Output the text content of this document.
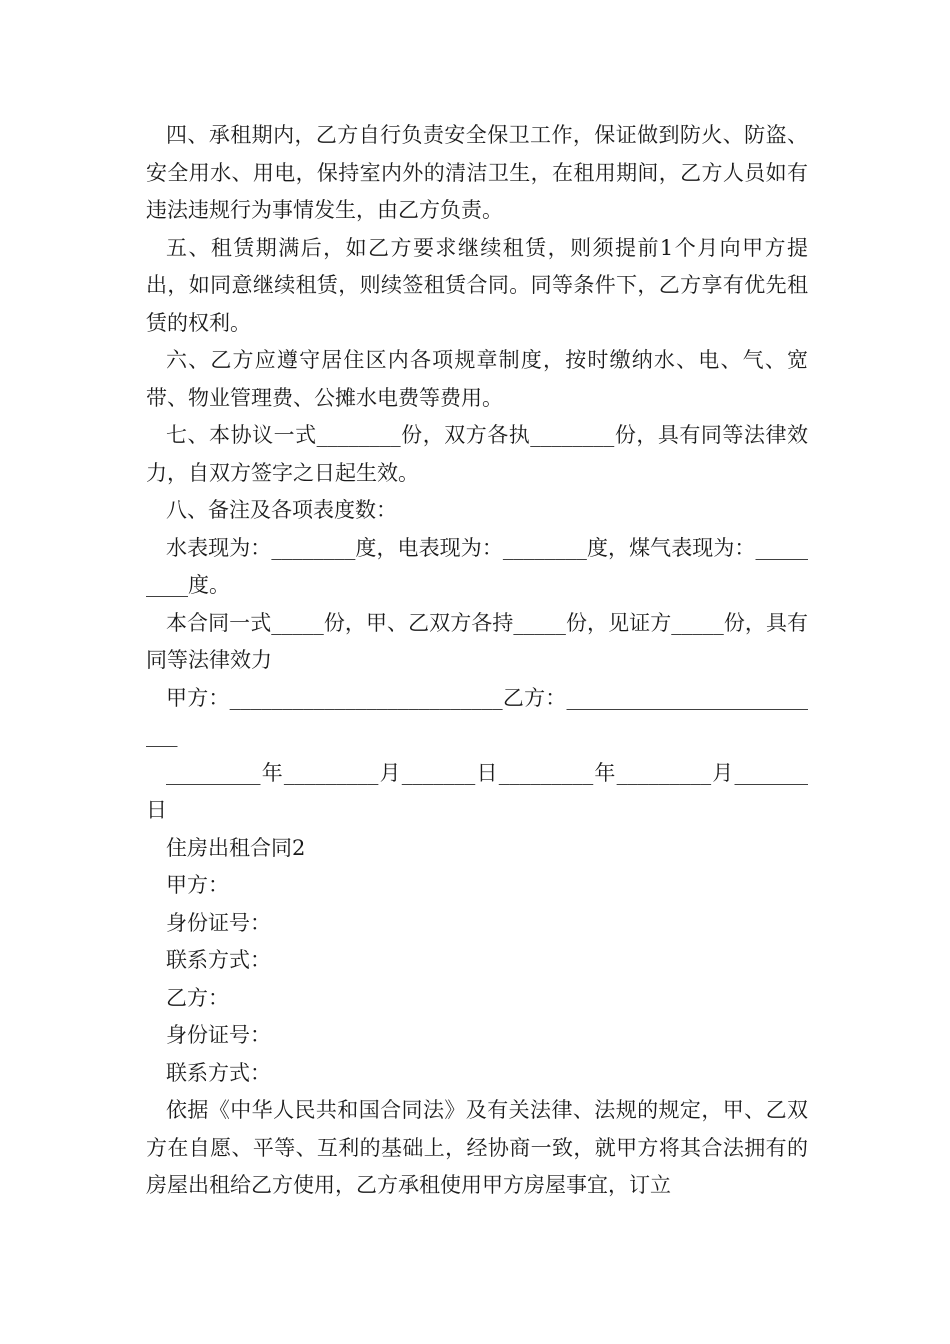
四、承租期内，乙方自行负责安全保卫工作，保证做到防火、防盗、安全用水、用电，保持室内外的清洁卫生，在租用期间，乙方人员如有违法违规行为事情发生，由乙方负责。

五、租赁期满后，如乙方要求继续租赁，则须提前1个月向甲方提出，如同意继续租赁，则续签租赁合同。同等条件下，乙方享有优先租赁的权利。

六、乙方应遵守居住区内各项规章制度，按时缴纳水、电、气、宽带、物业管理费、公摊水电费等费用。

七、本协议一式________份，双方各执________份，具有同等法律效力，自双方签字之日起生效。

八、备注及各项表度数：

水表现为：________度，电表现为：________度，煤气表现为：_________度。

本合同一式_____份，甲、乙双方各持_____份，见证方_____份，具有同等法律效力

甲方：__________________________乙方：__________________________

_________年_________月_______日_________年_________月_______日

住房出租合同2

甲方：

身份证号：

联系方式：

乙方：

身份证号：

联系方式：

依据《中华人民共和国合同法》及有关法律、法规的规定，甲、乙双方在自愿、平等、互利的基础上，经协商一致，就甲方将其合法拥有的房屋出租给乙方使用，乙方承租使用甲方房屋事宜，订立
